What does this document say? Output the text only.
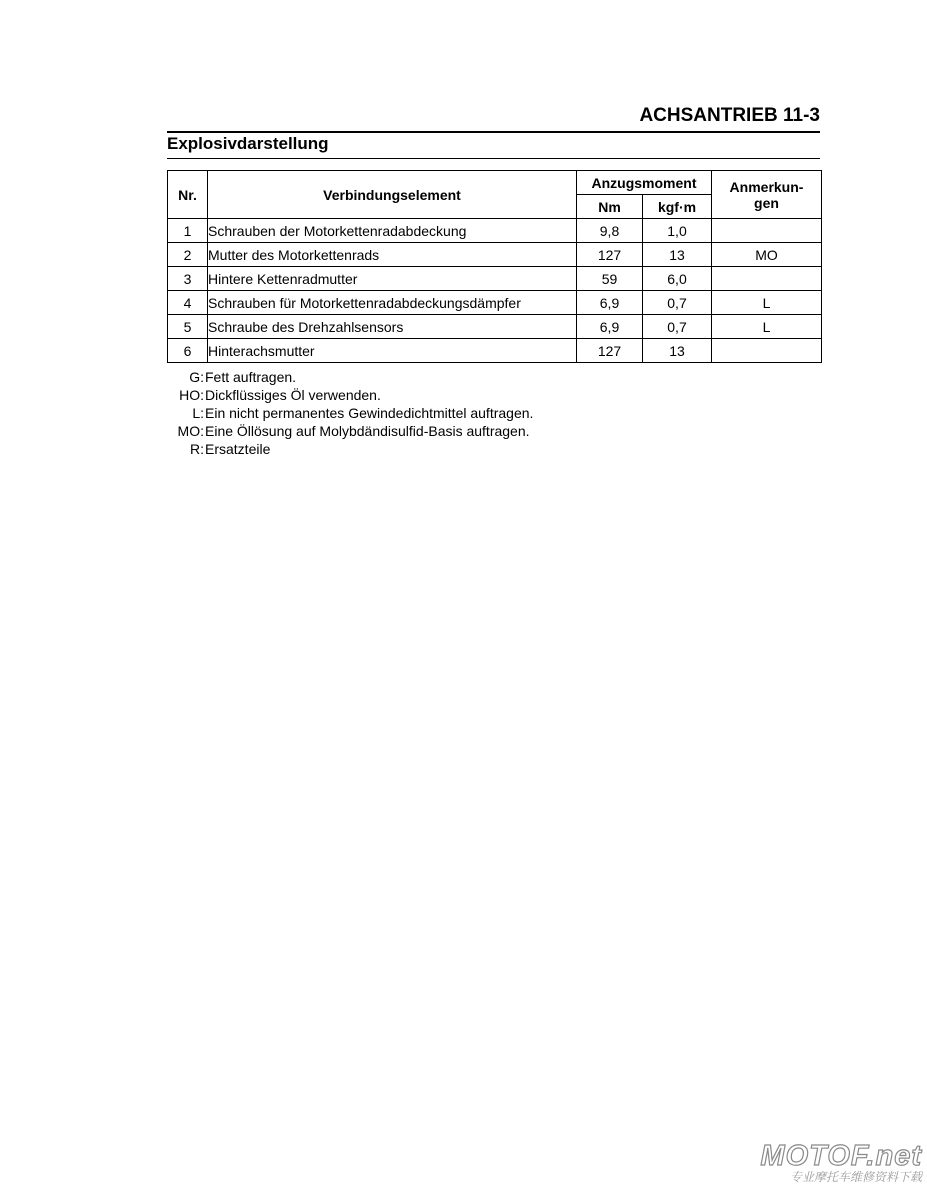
ACHSANTRIEB 11-3
Explosivdarstellung
Nr.	Verbindungselement	Anzugsmoment		Anmerkun-
gen
		Nm	kgf·m	
1	Schrauben der Motorkettenradabdeckung	9,8	1,0	
2	Mutter des Motorkettenrads	127	13	MO
3	Hintere Kettenradmutter	59	6,0	
4	Schrauben für Motorkettenradabdeckungsdämpfer	6,9	0,7	L
5	Schraube des Drehzahlsensors	6,9	0,7	L
6	Hinterachsmutter	127	13	
G: Fett auftragen.
HO: Dickflüssiges Öl verwenden.
L: Ein nicht permanentes Gewindedichtmittel auftragen.
MO: Eine Öllösung auf Molybdändisulfid-Basis auftragen.
R: Ersatzteile
MOTOF.net
专业摩托车维修资料下载
